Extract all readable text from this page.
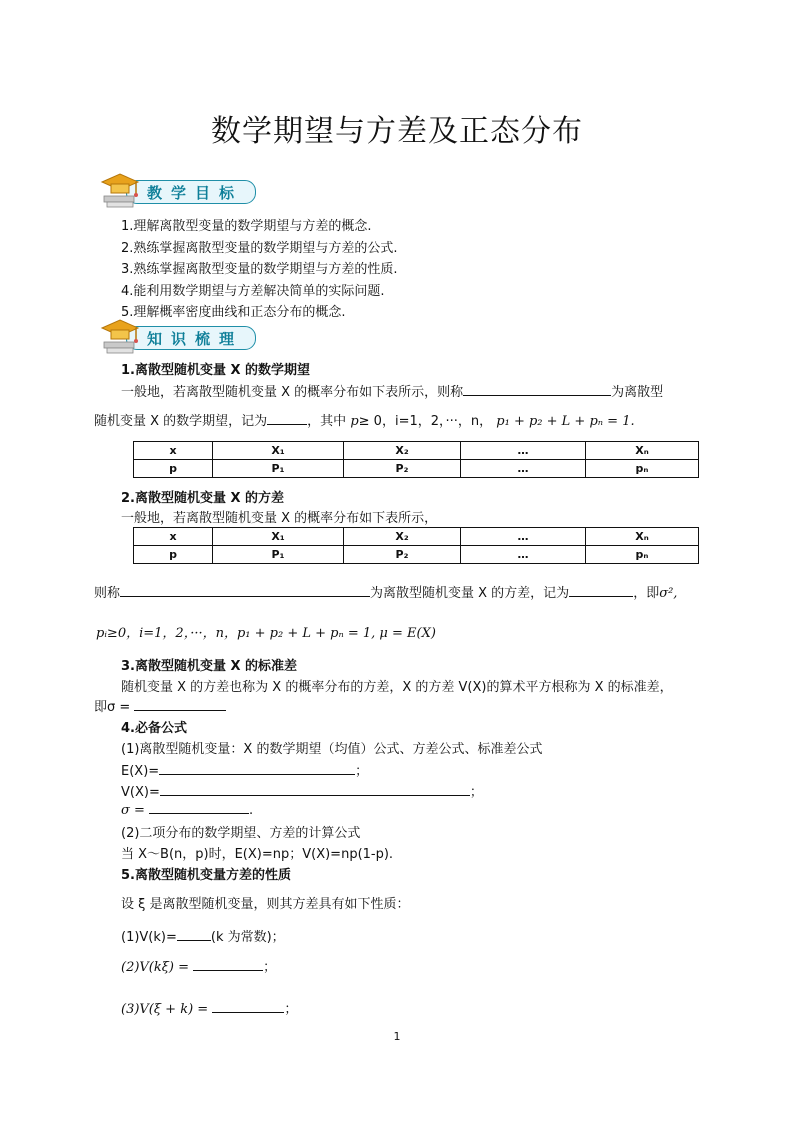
数学期望与方差及正态分布
教学目标
1.理解离散型变量的数学期望与方差的概念.
2.熟练掌握离散型变量的数学期望与方差的公式.
3.熟练掌握离散型变量的数学期望与方差的性质.
4.能利用数学期望与方差解决简单的实际问题.
5.理解概率密度曲线和正态分布的概念.
知识梳理
1.离散型随机变量 X 的数学期望
一般地，若离散型随机变量 X 的概率分布如下表所示，则称	为离散型
随机变量 X 的数学期望，记为	，其中 p≥ 0，i=1，2，···，n， p₁ + p₂ + L + pₙ = 1.
x	X₁	X₂	…	Xₙ
p	P₁	P₂	…	pₙ
2.离散型随机变量 X 的方差
一般地，若离散型随机变量 X 的概率分布如下表所示，
x	X₁	X₂	…	Xₙ
p	P₁	P₂	…	pₙ
则称	为离散型随机变量 X 的方差，记为	，即σ²,
pᵢ≥0，i=1，2，···，n，p₁ + p₂ + L + pₙ = 1, μ = E(X)
3.离散型随机变量 X 的标准差
随机变量 X 的方差也称为 X 的概率分布的方差，X 的方差 V(X)的算术平方根称为 X 的标准差，
即σ =
4.必备公式
(1)离散型随机变量：X 的数学期望（均值）公式、方差公式、标准差公式
E(X)=	；
V(X)=	；
σ =	.
(2)二项分布的数学期望、方差的计算公式
当 X～B(n，p)时，E(X)=np；V(X)=np(1-p).
5.离散型随机变量方差的性质
设 ξ 是离散型随机变量，则其方差具有如下性质：
(1)V(k)=	(k 为常数)；
(2)V(kξ) =	；
(3)V(ξ + k) =	；
1
